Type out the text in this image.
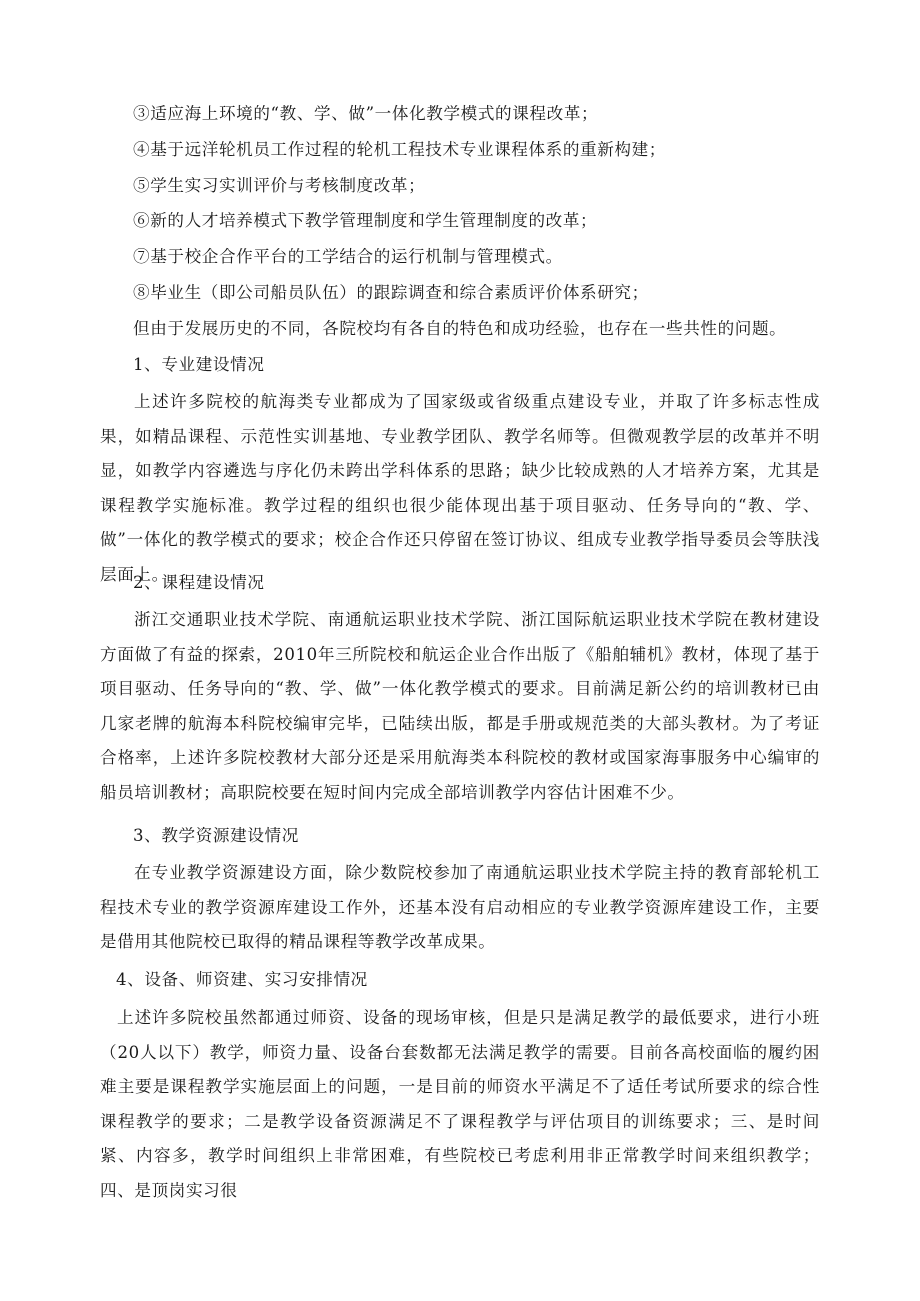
③适应海上环境的“教、学、做”一体化教学模式的课程改革；
④基于远洋轮机员工作过程的轮机工程技术专业课程体系的重新构建；
⑤学生实习实训评价与考核制度改革；
⑥新的人才培养模式下教学管理制度和学生管理制度的改革；
⑦基于校企合作平台的工学结合的运行机制与管理模式。
⑧毕业生（即公司船员队伍）的跟踪调查和综合素质评价体系研究；
但由于发展历史的不同，各院校均有各自的特色和成功经验，也存在一些共性的问题。
1、专业建设情况
上述许多院校的航海类专业都成为了国家级或省级重点建设专业，并取了许多标志性成果，如精品课程、示范性实训基地、专业教学团队、教学名师等。但微观教学层的改革并不明显，如教学内容遴选与序化仍未跨出学科体系的思路；缺少比较成熟的人才培养方案，尤其是课程教学实施标准。教学过程的组织也很少能体现出基于项目驱动、任务导向的“教、学、做”一体化的教学模式的要求；校企合作还只停留在签订协议、组成专业教学指导委员会等肤浅层面上。
2、课程建设情况
浙江交通职业技术学院、南通航运职业技术学院、浙江国际航运职业技术学院在教材建设方面做了有益的探索，2010年三所院校和航运企业合作出版了《船舶辅机》教材，体现了基于项目驱动、任务导向的“教、学、做”一体化教学模式的要求。目前满足新公约的培训教材已由几家老牌的航海本科院校编审完毕，已陆续出版，都是手册或规范类的大部头教材。为了考证合格率，上述许多院校教材大部分还是采用航海类本科院校的教材或国家海事服务中心编审的船员培训教材；高职院校要在短时间内完成全部培训教学内容估计困难不少。
3、教学资源建设情况
在专业教学资源建设方面，除少数院校参加了南通航运职业技术学院主持的教育部轮机工程技术专业的教学资源库建设工作外，还基本没有启动相应的专业教学资源库建设工作，主要是借用其他院校已取得的精品课程等教学改革成果。
4、设备、师资建、实习安排情况
上述许多院校虽然都通过师资、设备的现场审核，但是只是满足教学的最低要求，进行小班（20人以下）教学，师资力量、设备台套数都无法满足教学的需要。目前各高校面临的履约困难主要是课程教学实施层面上的问题，一是目前的师资水平满足不了适任考试所要求的综合性课程教学的要求；二是教学设备资源满足不了课程教学与评估项目的训练要求；三、是时间紧、内容多，教学时间组织上非常困难，有些院校已考虑利用非正常教学时间来组织教学；四、是顶岗实习很
